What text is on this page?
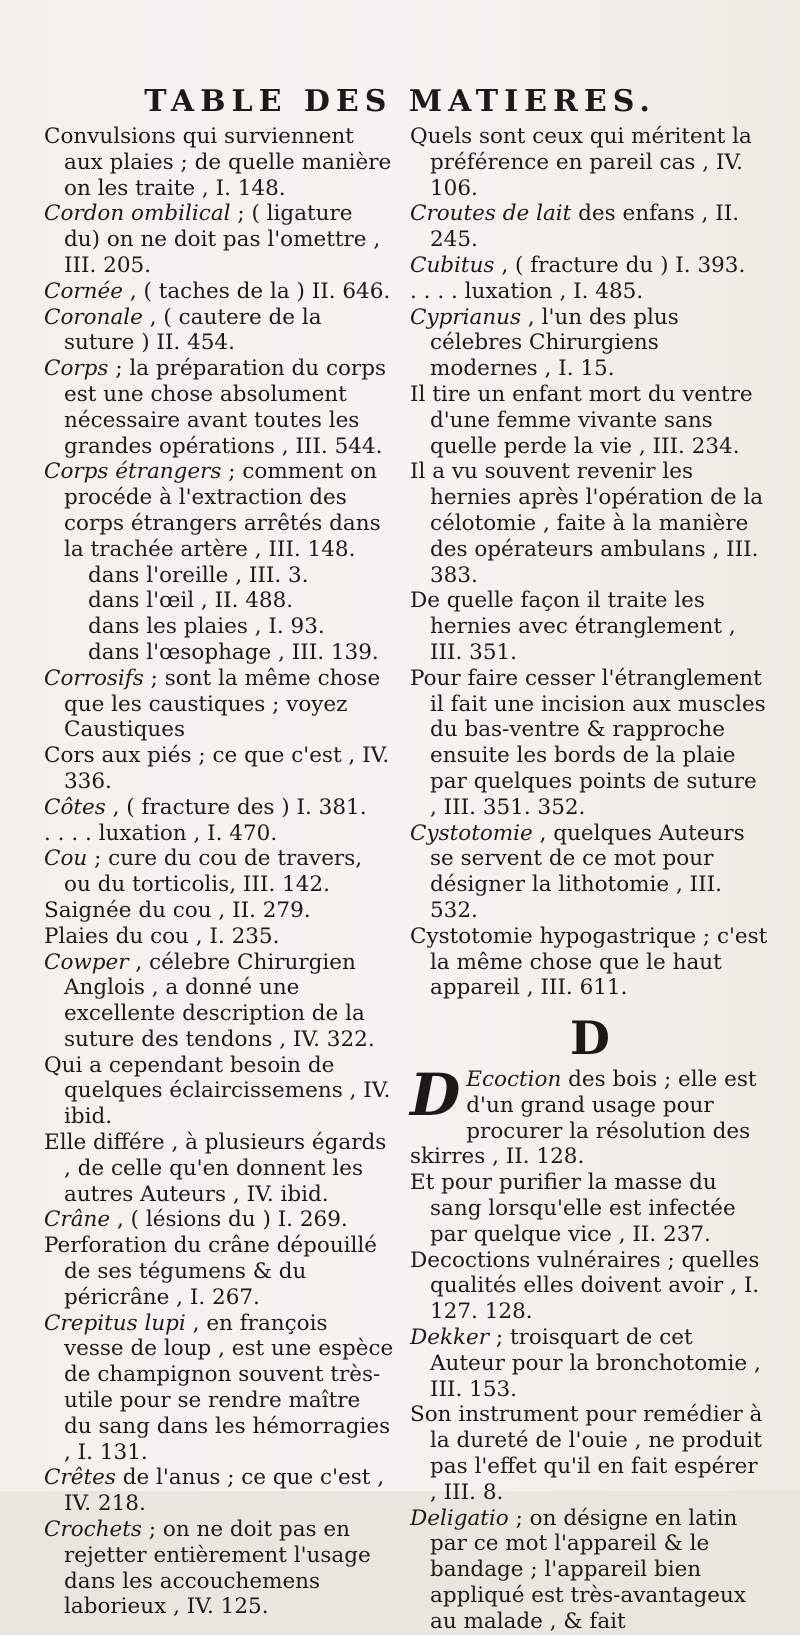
TABLE DES MATIERES.

Convulsions qui surviennent aux plaies ; de quelle manière on les traite , I. 148.

Cordon ombilical ; ( ligature du) on ne doit pas l'omettre , III. 205.

Cornée , ( taches de la ) II. 646.

Coronale , ( cautere de la suture ) II. 454.

Corps ; la préparation du corps est une chose absolument nécessaire avant toutes les grandes opérations , III. 544.

Corps étrangers ; comment on procéde à l'extraction des corps étrangers arrêtés dans la trachée artère , III. 148.

dans l'oreille , III. 3.

dans l'œil , II. 488.

dans les plaies , I. 93.

dans l'œsophage , III. 139.

Corrosifs ; sont la même chose que les caustiques ; voyez Caustiques

Cors aux piés ; ce que c'est , IV. 336.

Côtes , ( fracture des ) I. 381.

. . . . luxation , I. 470.

Cou ; cure du cou de travers, ou du torticolis, III. 142.

Saignée du cou , II. 279.

Plaies du cou , I. 235.

Cowper , célebre Chirurgien Anglois , a donné une excellente description de la suture des tendons , IV. 322.

Qui a cependant besoin de quelques éclaircissemens , IV. ibid.

Elle différe , à plusieurs égards , de celle qu'en donnent les autres Auteurs , IV. ibid.

Crâne , ( lésions du ) I. 269.

Perforation du crâne dépouillé de ses tégumens & du péricrâne , I. 267.

Crepitus lupi , en françois vesse de loup , est une espèce de champignon souvent très-utile pour se rendre maître du sang dans les hémorragies , I. 131.

Crêtes de l'anus ; ce que c'est , IV. 218.

Crochets ; on ne doit pas en rejetter entièrement l'usage dans les accouchemens laborieux , IV. 125.

Quels sont ceux qui méritent la préférence en pareil cas , IV. 106.

Croutes de lait des enfans , II. 245.

Cubitus , ( fracture du ) I. 393.

. . . . luxation , I. 485.

Cyprianus , l'un des plus célebres Chirurgiens modernes , I. 15.

Il tire un enfant mort du ventre d'une femme vivante sans quelle perde la vie , III. 234.

Il a vu souvent revenir les hernies après l'opération de la célotomie , faite à la manière des opérateurs ambulans , III. 383.

De quelle façon il traite les hernies avec étranglement , III. 351.

Pour faire cesser l'étranglement il fait une incision aux muscles du bas-ventre & rapproche ensuite les bords de la plaie par quelques points de suture , III. 351. 352.

Cystotomie , quelques Auteurs se servent de ce mot pour désigner la lithotomie , III. 532.

Cystotomie hypogastrique ; c'est la même chose que le haut appareil , III. 611.

D

D Ecoction des bois ; elle est d'un grand usage pour procurer la résolution des skirres , II. 128.

Et pour purifier la masse du sang lorsqu'elle est infectée par quelque vice , II. 237.

Decoctions vulnéraires ; quelles qualités elles doivent avoir , I. 127. 128.

Dekker ; troisquart de cet Auteur pour la bronchotomie , III. 153.

Son instrument pour remédier à la dureté de l'ouie , ne produit pas l'effet qu'il en fait espérer , III. 8.

Deligatio ; on désigne en latin par ce mot l'appareil & le bandage ; l'appareil bien appliqué est très-avantageux au malade , & fait
